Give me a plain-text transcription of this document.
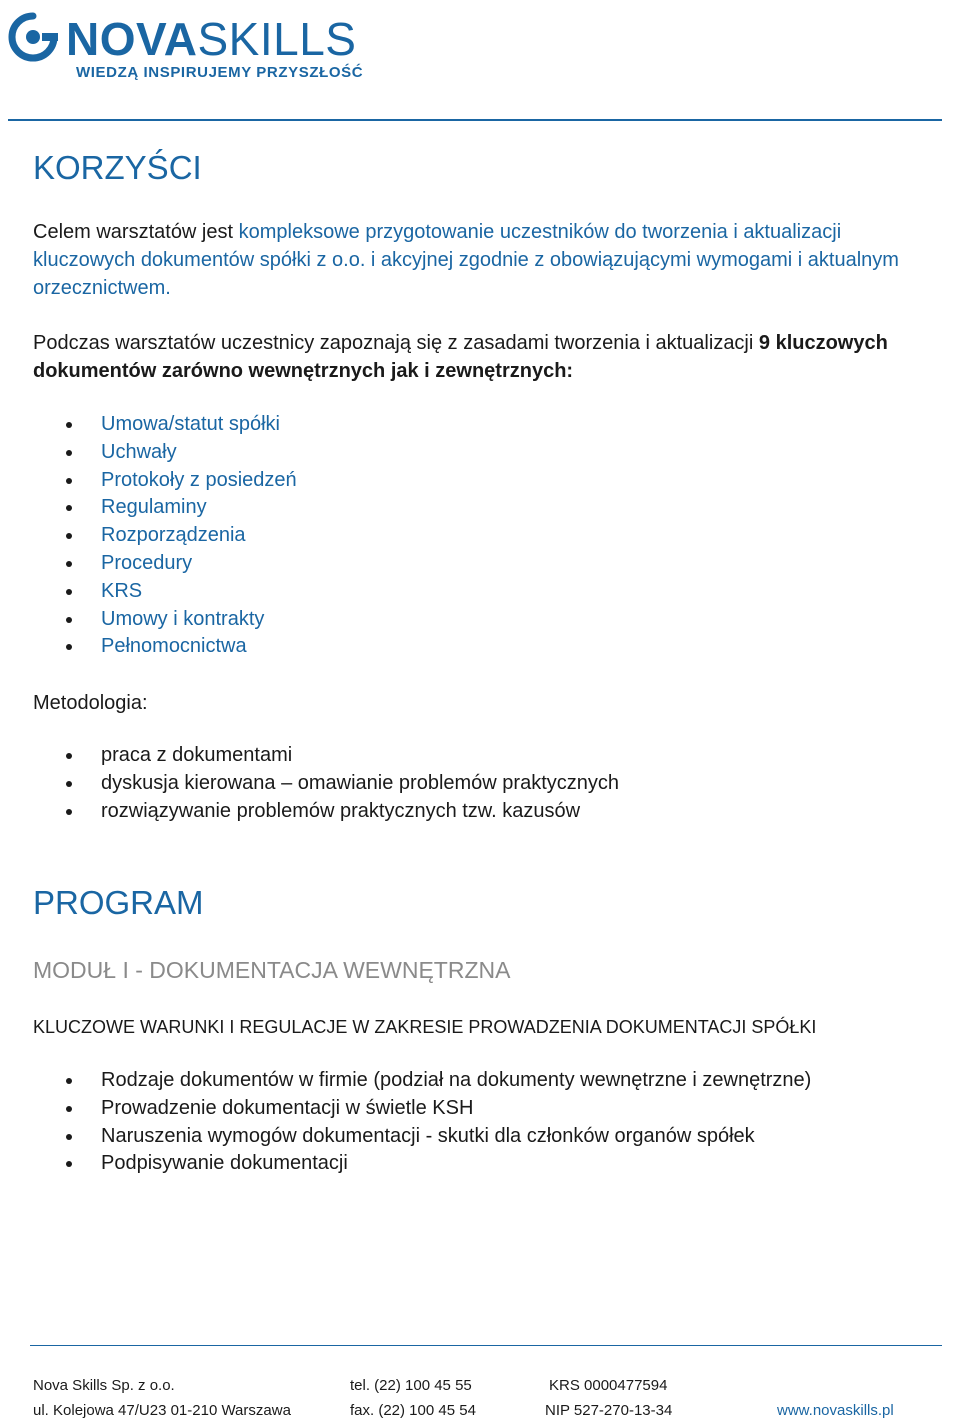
NOVASKILLS
WIEDZĄ INSPIRUJEMY PRZYSZŁOŚĆ
KORZYŚCI
Celem warsztatów jest kompleksowe przygotowanie uczestników do tworzenia i aktualizacji kluczowych dokumentów spółki z o.o. i akcyjnej zgodnie z obowiązującymi wymogami i aktualnym orzecznictwem.
Podczas warsztatów uczestnicy zapoznają się z zasadami tworzenia i aktualizacji 9 kluczowych dokumentów zarówno wewnętrznych jak i zewnętrznych:
Umowa/statut spółki
Uchwały
Protokoły z posiedzeń
Regulaminy
Rozporządzenia
Procedury
KRS
Umowy i kontrakty
Pełnomocnictwa
Metodologia:
praca z dokumentami
dyskusja kierowana – omawianie problemów praktycznych
rozwiązywanie problemów praktycznych tzw. kazusów
PROGRAM
MODUŁ I - DOKUMENTACJA WEWNĘTRZNA
KLUCZOWE WARUNKI I REGULACJE W ZAKRESIE PROWADZENIA DOKUMENTACJI SPÓŁKI
Rodzaje dokumentów w firmie (podział na dokumenty wewnętrzne i zewnętrzne)
Prowadzenie dokumentacji w świetle KSH
Naruszenia wymogów dokumentacji - skutki dla członków organów spółek
Podpisywanie dokumentacji
Nova Skills Sp. z o.o.
ul. Kolejowa 47/U23 01-210 Warszawa
tel. (22) 100 45 55
fax. (22) 100 45 54
KRS 0000477594
NIP 527-270-13-34	www.novaskills.pl
